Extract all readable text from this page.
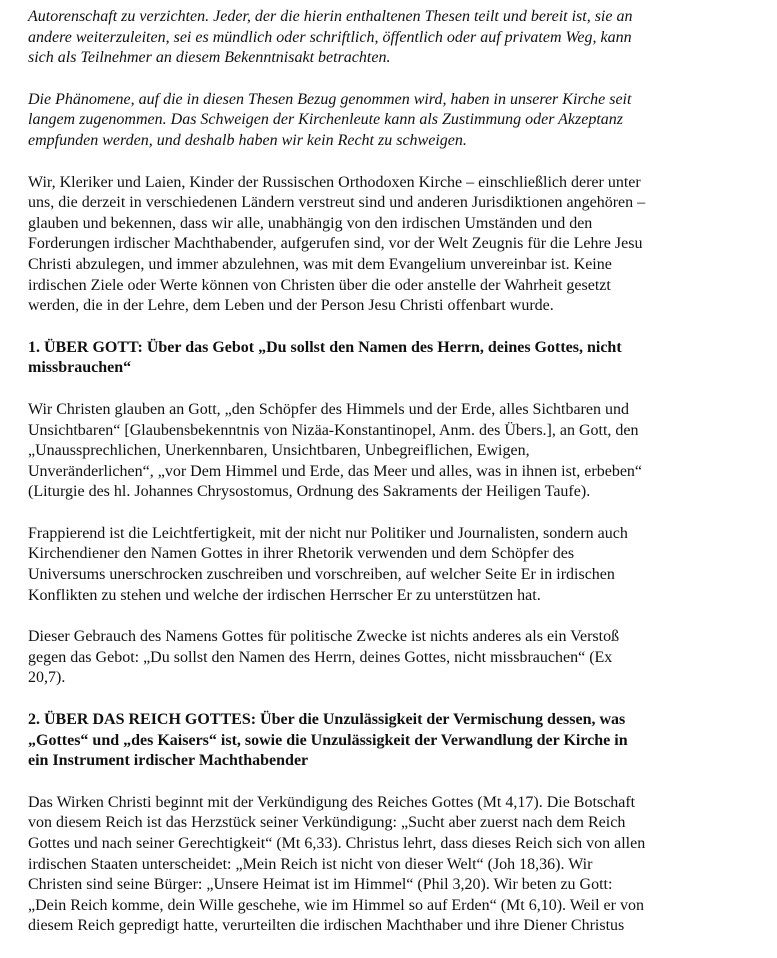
Autorenschaft zu verzichten. Jeder, der die hierin enthaltenen Thesen teilt und bereit ist, sie an
andere weiterzuleiten, sei es mündlich oder schriftlich, öffentlich oder auf privatem Weg, kann
sich als Teilnehmer an diesem Bekenntnisakt betrachten.

Die Phänomene, auf die in diesen Thesen Bezug genommen wird, haben in unserer Kirche seit
langem zugenommen. Das Schweigen der Kirchenleute kann als Zustimmung oder Akzeptanz
empfunden werden, und deshalb haben wir kein Recht zu schweigen.

Wir, Kleriker und Laien, Kinder der Russischen Orthodoxen Kirche – einschließlich derer unter
uns, die derzeit in verschiedenen Ländern verstreut sind und anderen Jurisdiktionen angehören –
glauben und bekennen, dass wir alle, unabhängig von den irdischen Umständen und den
Forderungen irdischer Machthabender, aufgerufen sind, vor der Welt Zeugnis für die Lehre Jesu
Christi abzulegen, und immer abzulehnen, was mit dem Evangelium unvereinbar ist. Keine
irdischen Ziele oder Werte können von Christen über die oder anstelle der Wahrheit gesetzt
werden, die in der Lehre, dem Leben und der Person Jesu Christi offenbart wurde.

1. ÜBER GOTT: Über das Gebot „Du sollst den Namen des Herrn, deines Gottes, nicht
missbrauchen“

Wir Christen glauben an Gott, „den Schöpfer des Himmels und der Erde, alles Sichtbaren und
Unsichtbaren“ [Glaubensbekenntnis von Nizäa-Konstantinopel, Anm. des Übers.], an Gott, den
„Unaussprechlichen, Unerkennbaren, Unsichtbaren, Unbegreiflichen, Ewigen,
Unveränderlichen“, „vor Dem Himmel und Erde, das Meer und alles, was in ihnen ist, erbeben“
(Liturgie des hl. Johannes Chrysostomus, Ordnung des Sakraments der Heiligen Taufe).

Frappierend ist die Leichtfertigkeit, mit der nicht nur Politiker und Journalisten, sondern auch
Kirchendiener den Namen Gottes in ihrer Rhetorik verwenden und dem Schöpfer des
Universums unerschrocken zuschreiben und vorschreiben, auf welcher Seite Er in irdischen
Konflikten zu stehen und welche der irdischen Herrscher Er zu unterstützen hat.

Dieser Gebrauch des Namens Gottes für politische Zwecke ist nichts anderes als ein Verstoß
gegen das Gebot: „Du sollst den Namen des Herrn, deines Gottes, nicht missbrauchen“ (Ex
20,7).

2. ÜBER DAS REICH GOTTES: Über die Unzulässigkeit der Vermischung dessen, was
„Gottes“ und „des Kaisers“ ist, sowie die Unzulässigkeit der Verwandlung der Kirche in
ein Instrument irdischer Machthabender

Das Wirken Christi beginnt mit der Verkündigung des Reiches Gottes (Mt 4,17). Die Botschaft
von diesem Reich ist das Herzstück seiner Verkündigung: „Sucht aber zuerst nach dem Reich
Gottes und nach seiner Gerechtigkeit“ (Mt 6,33). Christus lehrt, dass dieses Reich sich von allen
irdischen Staaten unterscheidet: „Mein Reich ist nicht von dieser Welt“ (Joh 18,36). Wir
Christen sind seine Bürger: „Unsere Heimat ist im Himmel“ (Phil 3,20). Wir beten zu Gott:
„Dein Reich komme, dein Wille geschehe, wie im Himmel so auf Erden“ (Mt 6,10). Weil er von
diesem Reich gepredigt hatte, verurteilten die irdischen Machthaber und ihre Diener Christus
